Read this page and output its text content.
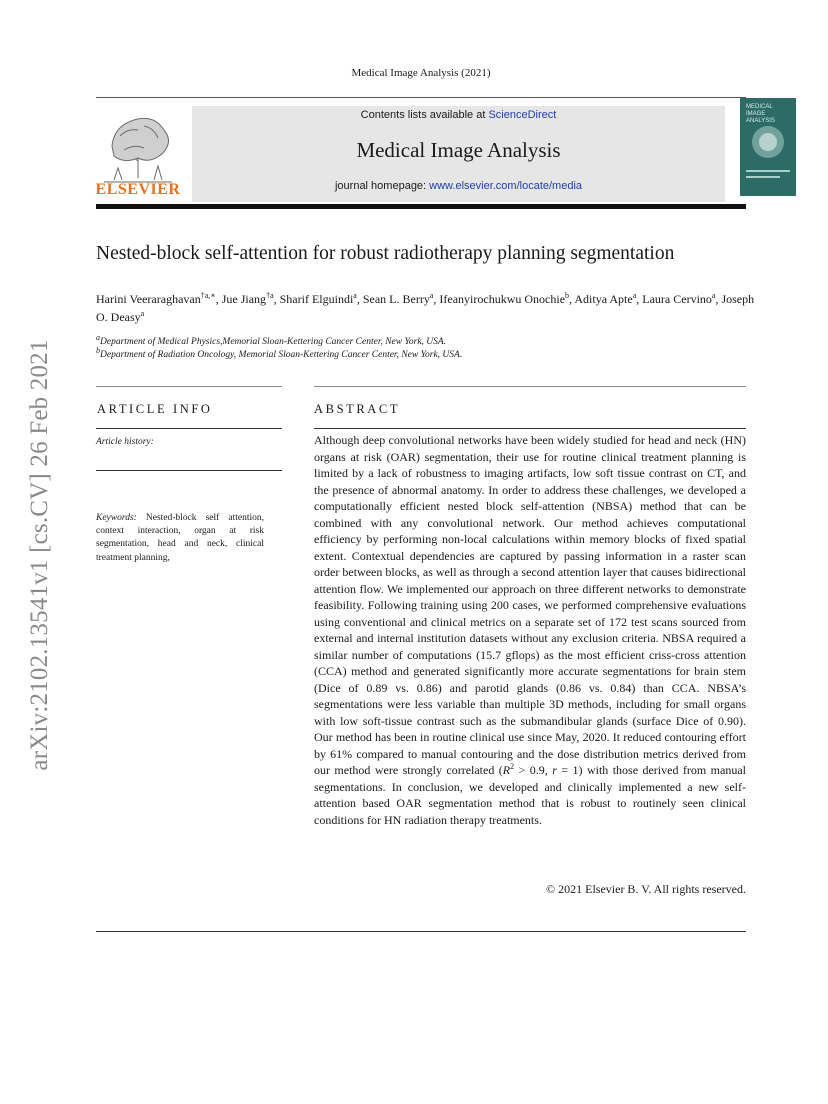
arXiv:2102.13541v1 [cs.CV] 26 Feb 2021
Medical Image Analysis (2021)
Contents lists available at ScienceDirect
Medical Image Analysis
journal homepage: www.elsevier.com/locate/media
ELSEVIER
MEDICAL IMAGE ANALYSIS
Nested-block self-attention for robust radiotherapy planning segmentation
Harini Veeraraghavan$^{\dagger a,∗}$, Jue Jiang$^{\dagger a}$, Sharif Elguindi$^a$, Sean L. Berry$^a$, Ifeanyirochukwu Onochie$^b$, Aditya Apte$^a$, Laura Cervino$^a$, Joseph O. Deasy$^a$
$^a$Department of Medical Physics,Memorial Sloan-Kettering Cancer Center, New York, USA.
$^b$Department of Radiation Oncology, Memorial Sloan-Kettering Cancer Center, New York, USA.
ARTICLE INFO	ABSTRACT
Article history:
Keywords: Nested-block self attention, context interaction, organ at risk segmentation, head and neck, clinical treatment planning,
Although deep convolutional networks have been widely studied for head and neck (HN) organs at risk (OAR) segmentation, their use for routine clinical treatment planning is limited by a lack of robustness to imaging artifacts, low soft tissue contrast on CT, and the presence of abnormal anatomy. In order to address these challenges, we developed a computationally efficient nested block self-attention (NBSA) method that can be combined with any convolutional network. Our method achieves computational efficiency by performing non-local calculations within memory blocks of fixed spatial extent. Contextual dependencies are captured by passing information in a raster scan order between blocks, as well as through a second attention layer that causes bidirectional attention flow. We implemented our approach on three different networks to demonstrate feasibility. Following training using 200 cases, we performed comprehensive evaluations using conventional and clinical metrics on a separate set of 172 test scans sourced from external and internal institution datasets without any exclusion criteria. NBSA required a similar number of computations (15.7 gflops) as the most efficient criss-cross attention (CCA) method and generated significantly more accurate segmentations for brain stem (Dice of 0.89 vs. 0.86) and parotid glands (0.86 vs. 0.84) than CCA. NBSA’s segmentations were less variable than multiple 3D methods, including for small organs with low soft-tissue contrast such as the submandibular glands (surface Dice of 0.90). Our method has been in routine clinical use since May, 2020. It reduced contouring effort by 61% compared to manual contouring and the dose distribution metrics derived from our method were strongly correlated ($R^2 > 0.9$, r = 1) with those derived from manual segmentations. In conclusion, we developed and clinically implemented a new self-attention based OAR segmentation method that is robust to routinely seen clinical conditions for HN radiation therapy treatments.
© 2021 Elsevier B. V. All rights reserved.
